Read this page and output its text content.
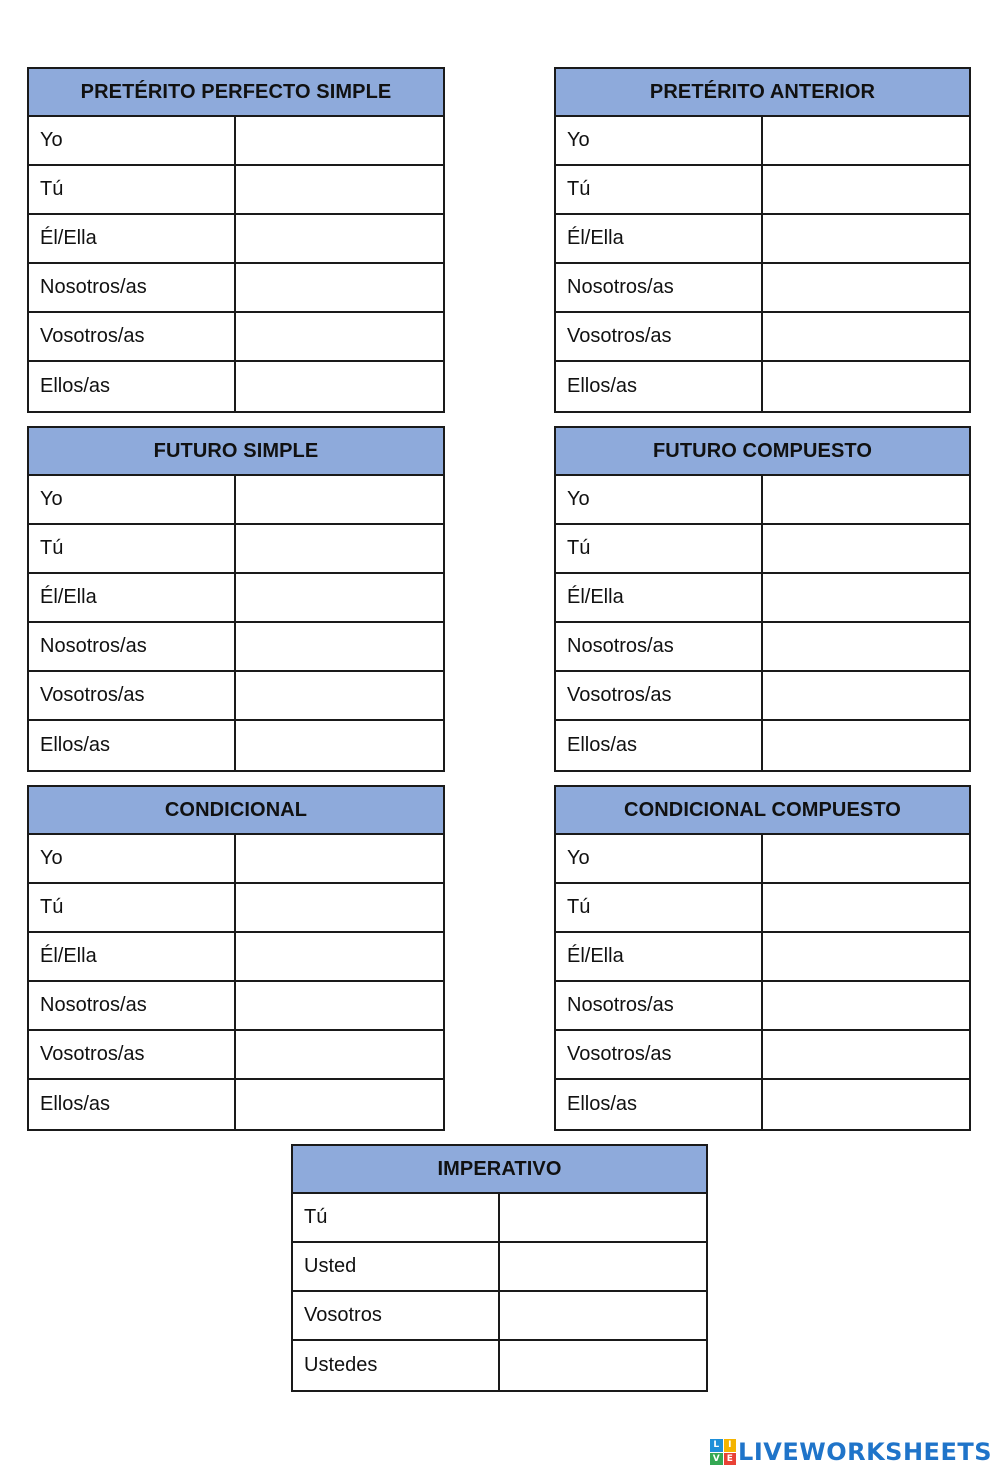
PRETÉRITO PERFECTO SIMPLE
Yo
Tú
Él/Ella
Nosotros/as
Vosotros/as
Ellos/as
PRETÉRITO ANTERIOR
Yo
Tú
Él/Ella
Nosotros/as
Vosotros/as
Ellos/as
FUTURO SIMPLE
Yo
Tú
Él/Ella
Nosotros/as
Vosotros/as
Ellos/as
FUTURO COMPUESTO
Yo
Tú
Él/Ella
Nosotros/as
Vosotros/as
Ellos/as
CONDICIONAL
Yo
Tú
Él/Ella
Nosotros/as
Vosotros/as
Ellos/as
CONDICIONAL COMPUESTO
Yo
Tú
Él/Ella
Nosotros/as
Vosotros/as
Ellos/as
IMPERATIVO
Tú
Usted
Vosotros
Ustedes
L I
V E LIVEWORKSHEETS
